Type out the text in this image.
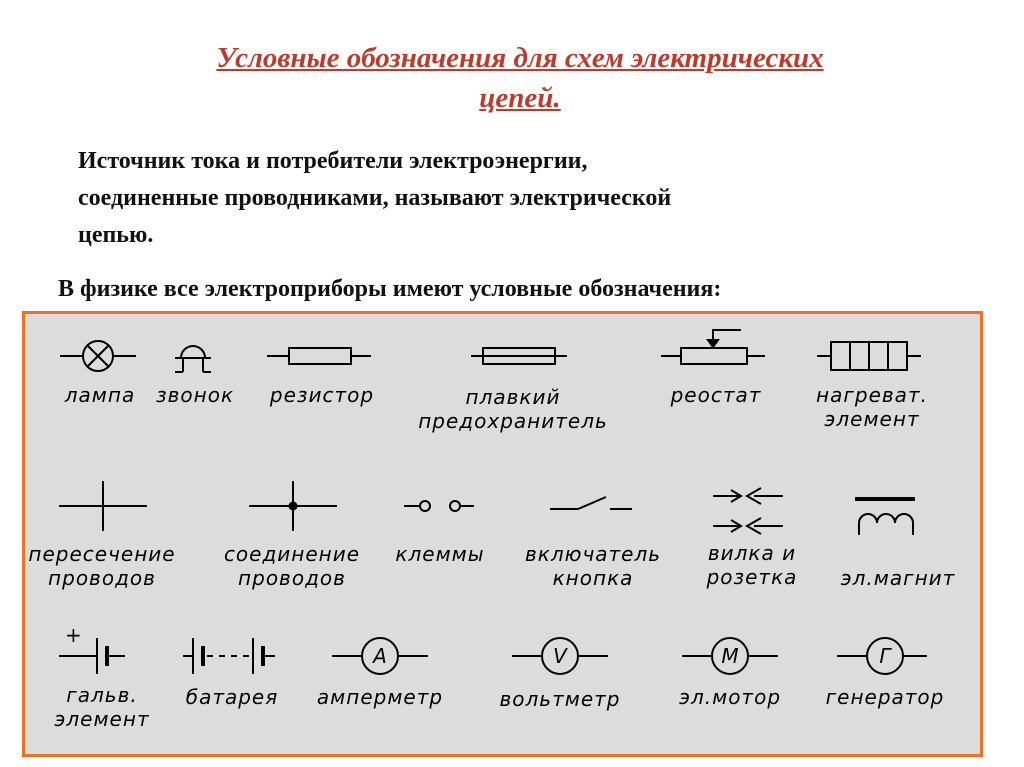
Условные обозначения для схем электрических
цепей.
Источник тока и потребители электроэнергии,
соединенные проводниками, называют электрической
цепью.
В физике все электроприборы имеют условные обозначения:
лампа	звонок	резистор	плавкий
предохранитель
реостат	нагреват.
элемент
пересечение
проводов
соединение
проводов
клеммы	включатель
кнопка
вилка и
розетка	эл.магнит
+
гальв.
элемент
батарея
A
амперметр
V
вольтметр
M
эл.мотор
Г
генератор
